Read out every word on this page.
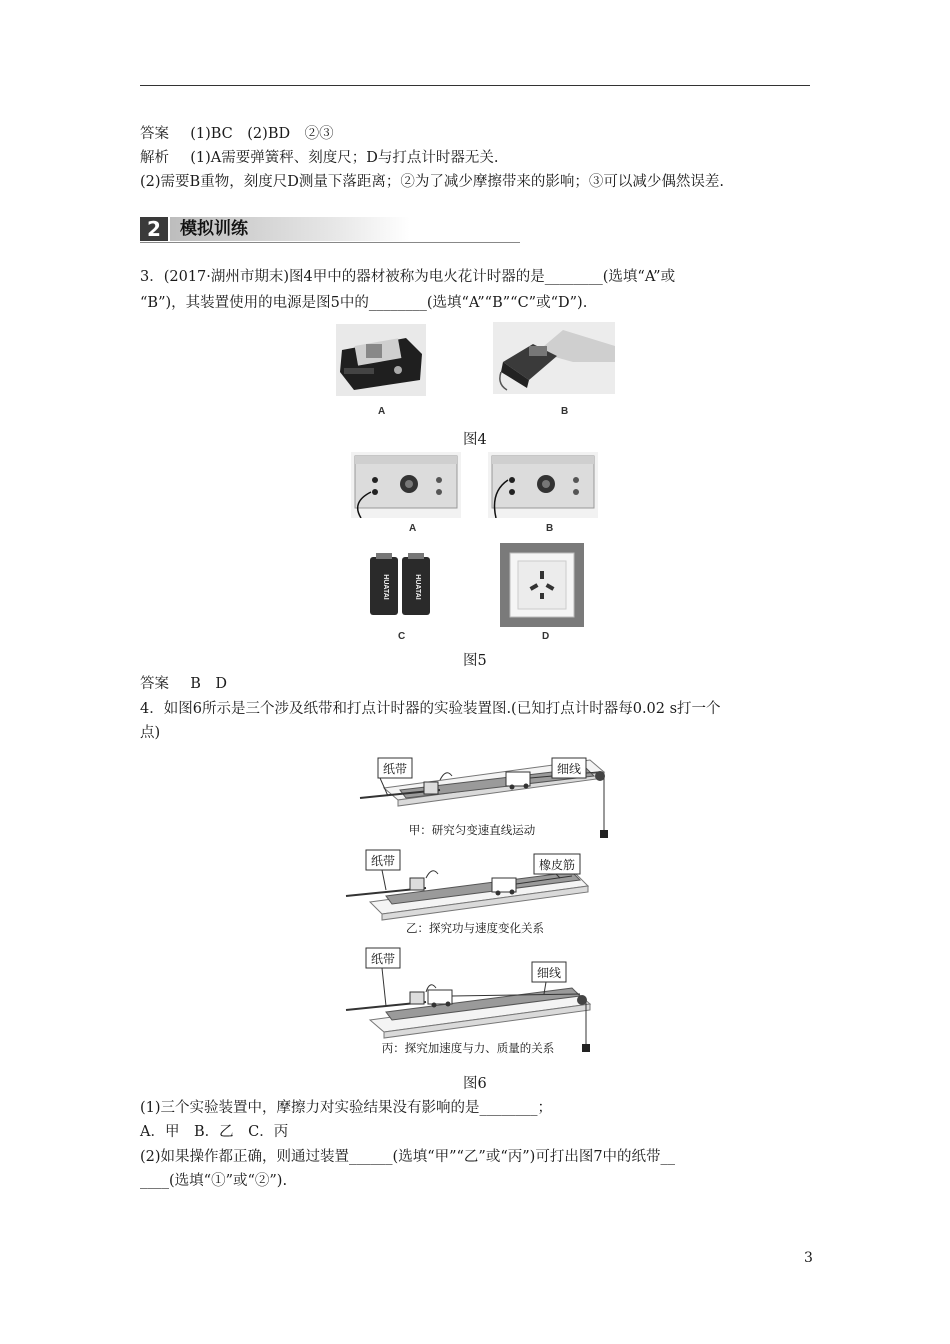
答案 (1)BC　(2)BD　②③
解析 (1)A需要弹簧秤、刻度尺；D与打点计时器无关.
(2)需要B重物，刻度尺D测量下落距离；②为了减少摩擦带来的影响；③可以减少偶然误差.
2	模拟训练
3．(2017·湖州市期末)图4甲中的器材被称为电火花计时器的是________(选填“A”或
“B”)，其装置使用的电源是图5中的________(选填“A”“B”“C”或“D”).
A	B
图4
A	B
HUATAI	HUATAI
C	D
图5
答案 B　D
4．如图6所示是三个涉及纸带和打点计时器的实验装置图.(已知打点计时器每0.02 s打一个
点)
纸带	细线
甲：研究匀变速直线运动
纸带	橡皮筋
乙：探究功与速度变化关系
纸带
细线
丙：探究加速度与力、质量的关系
图6
(1)三个实验装置中，摩擦力对实验结果没有影响的是________；
A．甲　B．乙　C．丙
(2)如果操作都正确，则通过装置______(选填“甲”“乙”或“丙”)可打出图7中的纸带__
____(选填“①”或“②”).
3
